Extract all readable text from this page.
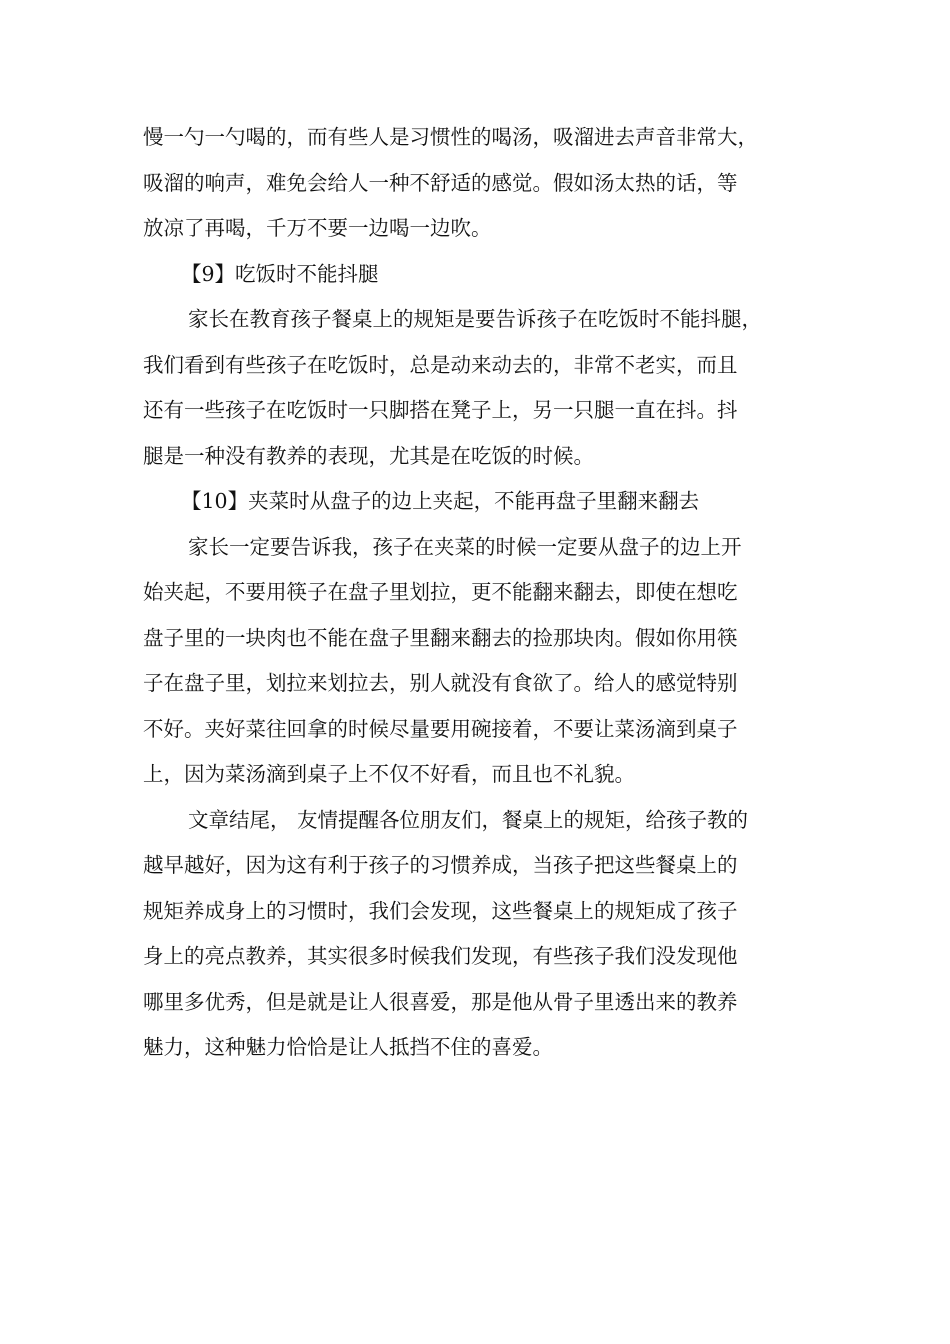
慢一勺一勺喝的，而有些人是习惯性的喝汤，吸溜进去声音非常大，
吸溜的响声，难免会给人一种不舒适的感觉。假如汤太热的话，等
放凉了再喝，千万不要一边喝一边吹。
【9】吃饭时不能抖腿
家长在教育孩子餐桌上的规矩是要告诉孩子在吃饭时不能抖腿，
我们看到有些孩子在吃饭时，总是动来动去的，非常不老实，而且
还有一些孩子在吃饭时一只脚搭在凳子上，另一只腿一直在抖。抖
腿是一种没有教养的表现，尤其是在吃饭的时候。
【10】夹菜时从盘子的边上夹起，不能再盘子里翻来翻去
家长一定要告诉我，孩子在夹菜的时候一定要从盘子的边上开
始夹起，不要用筷子在盘子里划拉，更不能翻来翻去，即使在想吃
盘子里的一块肉也不能在盘子里翻来翻去的捡那块肉。假如你用筷
子在盘子里，划拉来划拉去，别人就没有食欲了。给人的感觉特别
不好。夹好菜往回拿的时候尽量要用碗接着，不要让菜汤滴到桌子
上，因为菜汤滴到桌子上不仅不好看，而且也不礼貌。
文章结尾， 友情提醒各位朋友们，餐桌上的规矩，给孩子教的
越早越好，因为这有利于孩子的习惯养成，当孩子把这些餐桌上的
规矩养成身上的习惯时，我们会发现，这些餐桌上的规矩成了孩子
身上的亮点教养，其实很多时候我们发现，有些孩子我们没发现他
哪里多优秀，但是就是让人很喜爱，那是他从骨子里透出来的教养
魅力，这种魅力恰恰是让人抵挡不住的喜爱。
